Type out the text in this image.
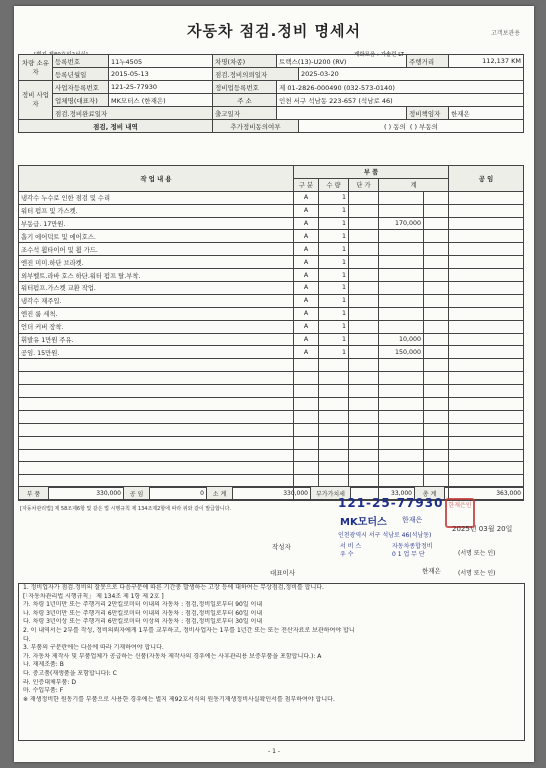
자동차 점검.정비 명세서	고객보관용
제화모음 : 가솔린 LT
차량 소유자	등록번호	11누4505	차명(차종)	트랙스(13)-U200 (RV)		주행거리	112,137 KM
	등록년월일	2015-05-13	점검.정비의뢰일자		2025-03-20		
정비 사업자	사업자등록번호	121-25-77930	정비업등록번호	제 01-2826-000490 (032-573-0140)			
	업체명(대표자)	MK모터스 (한재은)	주 소	인천 서구 석남동 223-657 (석남로 46)			
	점검.정비완료일자		출고일자			정비책임자	한재은
점검, 정비 내역			추가정비동의여부		( ) 동의 ( ) 부동의		
작 업 내 용	부 품					공 임
	구 분	수 량	단 가	계		
냉각수 누수로 인한 점검 및 수리	A	1				
워터 펌프 및 가스켓.	A	1				
부동급. 17만원.	A	1		170,000		
흡기 에어덕트 및 에어호스.	A	1				
조수석 휠타이어 및 휠 가드.	A	1				
엔진 미미.하단 브라켓.	A	1				
외부벨트.라바 호스 하단.워터 펌프 탈.부착.	A	1				
워터펌프.가스켓 교환 작업.	A	1				
냉각수 재주입.	A	1				
엔진 룸 세척.	A	1				
언더 커버 장착.	A	1				
휘발유 1만원 주유.	A	1		10,000		
공임. 15만원.	A	1		150,000		

부 품	330,000	공 임	0	소 계	330,000	부가가치세	33,000	총 계	363,000
[자동차관리법] 제 58조제6항 및 같은 법 시행규칙 제 134조제2항에 따라 위와 같이 발급합니다.	121-25-77930
MK모터스 한재은
한재은인
2025년 03월 20일
인천광역시 서구 석남로 46(석남동)
작성자	서 비 스
우 수
자동차종합정비
0 1 업 무 단	(서명 또는 인)
대표이사	한재은	(서명 또는 인)

1. 정비업자가 점검.정비의 잘못으로 다음구분에 따른 기간중 발생하는 고장 등에 대하여는 무상점검,정비를 합니다.

[「자동차관리법 시행규칙」 제 134조 제 1항 제 2호 ]

가. 차령 1년미만 또는 주행거리 2만킬로미터 이내의 자동차 : 점검,정비일로부터 90일 이내

나. 차령 3년미만 또는 주행거리 6만킬로미터 이내의 자동차 : 점검,정비일로부터 60일 이내

다. 차령 3년이상 또는 주행거리 6만킬로미터 이상의 자동차 : 점검,정비일로부터 30일 이내

2. 이 내역서는 2부를 작성, 정비의뢰자에게 1부를 교부하고, 정비사업자는 1부를 1년간 또는 또는 전산자료로 보관하여야 합니

다.

3. 부품의 구분란에는 다음에 따라 기재하여야 합니다.

가. 자동차 제작사 및 부품업체가 공급하는 신품(자동차 제작사의 경우에는 사후관리용 보증부품을 포함합니다.): A

나. 재제조품: B

다. 중고품(재생품을 포함합니다): C

라. 인증대체부품: D

마. 수입부품: F

※ 재생정비한 원동기를 부품으로 사용한 경우에는 별지 제92호서식의 원동기재생정비사실확인서를 첨부하여야 합니다.

- 1 -
